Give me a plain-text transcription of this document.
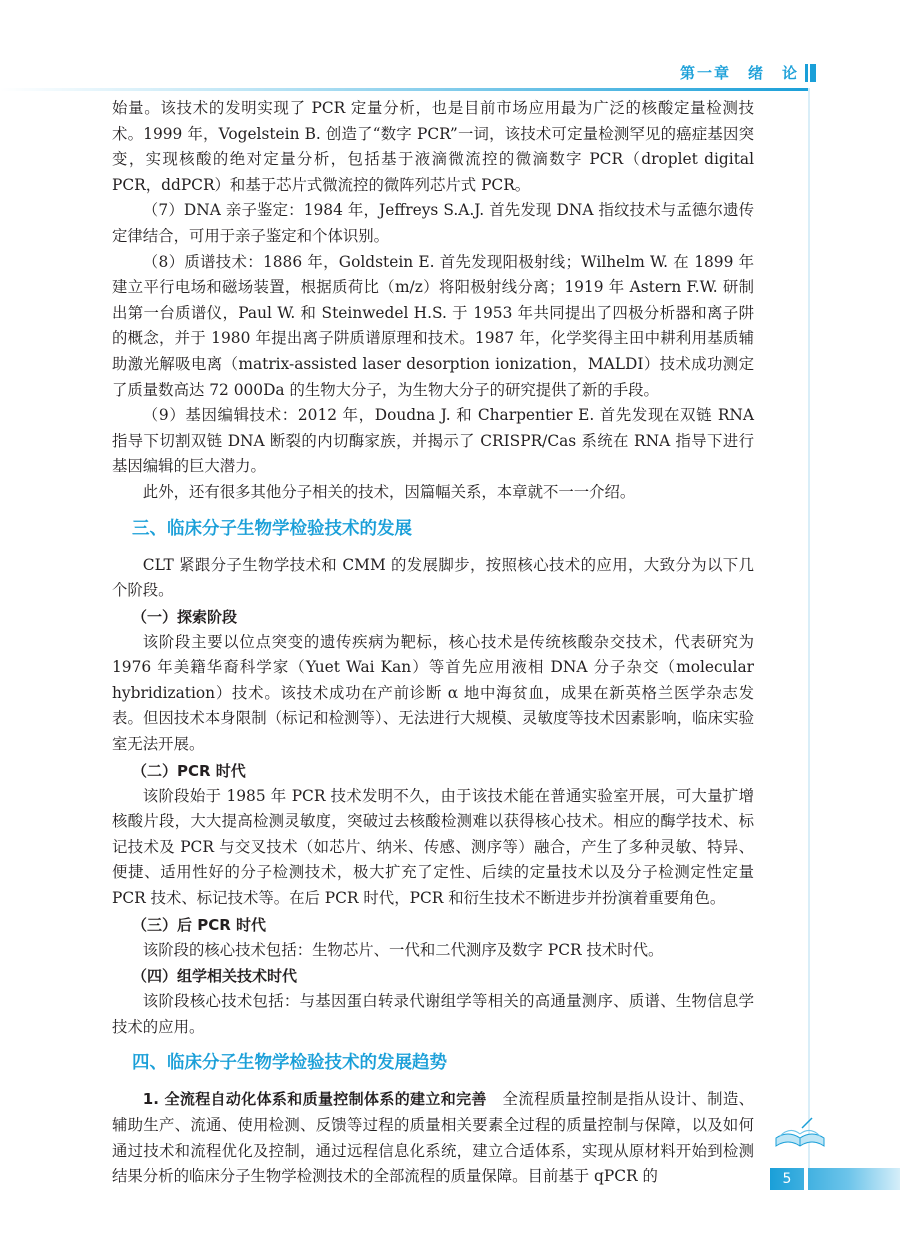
第一章　绪　论

始量。该技术的发明实现了 PCR 定量分析，也是目前市场应用最为广泛的核酸定量检测技术。1999 年，Vogelstein B. 创造了“数字 PCR”一词，该技术可定量检测罕见的癌症基因突变，实现核酸的绝对定量分析，包括基于液滴微流控的微滴数字 PCR（droplet digital PCR，ddPCR）和基于芯片式微流控的微阵列芯片式 PCR。

（7）DNA 亲子鉴定：1984 年，Jeffreys S.A.J. 首先发现 DNA 指纹技术与孟德尔遗传定律结合，可用于亲子鉴定和个体识别。

（8）质谱技术：1886 年，Goldstein E. 首先发现阳极射线；Wilhelm W. 在 1899 年建立平行电场和磁场装置，根据质荷比（m/z）将阳极射线分离；1919 年 Astern F.W. 研制出第一台质谱仪，Paul W. 和 Steinwedel H.S. 于 1953 年共同提出了四极分析器和离子阱的概念，并于 1980 年提出离子阱质谱原理和技术。1987 年，化学奖得主田中耕利用基质辅助激光解吸电离（matrix-assisted laser desorption ionization，MALDI）技术成功测定了质量数高达 72 000Da 的生物大分子，为生物大分子的研究提供了新的手段。

（9）基因编辑技术：2012 年，Doudna J. 和 Charpentier E. 首先发现在双链 RNA 指导下切割双链 DNA 断裂的内切酶家族，并揭示了 CRISPR/Cas 系统在 RNA 指导下进行基因编辑的巨大潜力。

此外，还有很多其他分子相关的技术，因篇幅关系，本章就不一一介绍。

三、临床分子生物学检验技术的发展

CLT 紧跟分子生物学技术和 CMM 的发展脚步，按照核心技术的应用，大致分为以下几个阶段。

（一）探索阶段

该阶段主要以位点突变的遗传疾病为靶标，核心技术是传统核酸杂交技术，代表研究为 1976 年美籍华裔科学家（Yuet Wai Kan）等首先应用液相 DNA 分子杂交（molecular hybridization）技术。该技术成功在产前诊断 α 地中海贫血，成果在新英格兰医学杂志发表。但因技术本身限制（标记和检测等）、无法进行大规模、灵敏度等技术因素影响，临床实验室无法开展。

（二）PCR 时代

该阶段始于 1985 年 PCR 技术发明不久，由于该技术能在普通实验室开展，可大量扩增核酸片段，大大提高检测灵敏度，突破过去核酸检测难以获得核心技术。相应的酶学技术、标记技术及 PCR 与交叉技术（如芯片、纳米、传感、测序等）融合，产生了多种灵敏、特异、便捷、适用性好的分子检测技术，极大扩充了定性、后续的定量技术以及分子检测定性定量 PCR 技术、标记技术等。在后 PCR 时代，PCR 和衍生技术不断进步并扮演着重要角色。

（三）后 PCR 时代

该阶段的核心技术包括：生物芯片、一代和二代测序及数字 PCR 技术时代。

（四）组学相关技术时代

该阶段核心技术包括：与基因蛋白转录代谢组学等相关的高通量测序、质谱、生物信息学技术的应用。

四、临床分子生物学检验技术的发展趋势

1. 全流程自动化体系和质量控制体系的建立和完善　 全流程质量控制是指从设计、制造、辅助生产、流通、使用检测、反馈等过程的质量相关要素全过程的质量控制与保障，以及如何通过技术和流程优化及控制，通过远程信息化系统，建立合适体系，实现从原材料开始到检测结果分析的临床分子生物学检测技术的全部流程的质量保障。目前基于 qPCR 的	5
